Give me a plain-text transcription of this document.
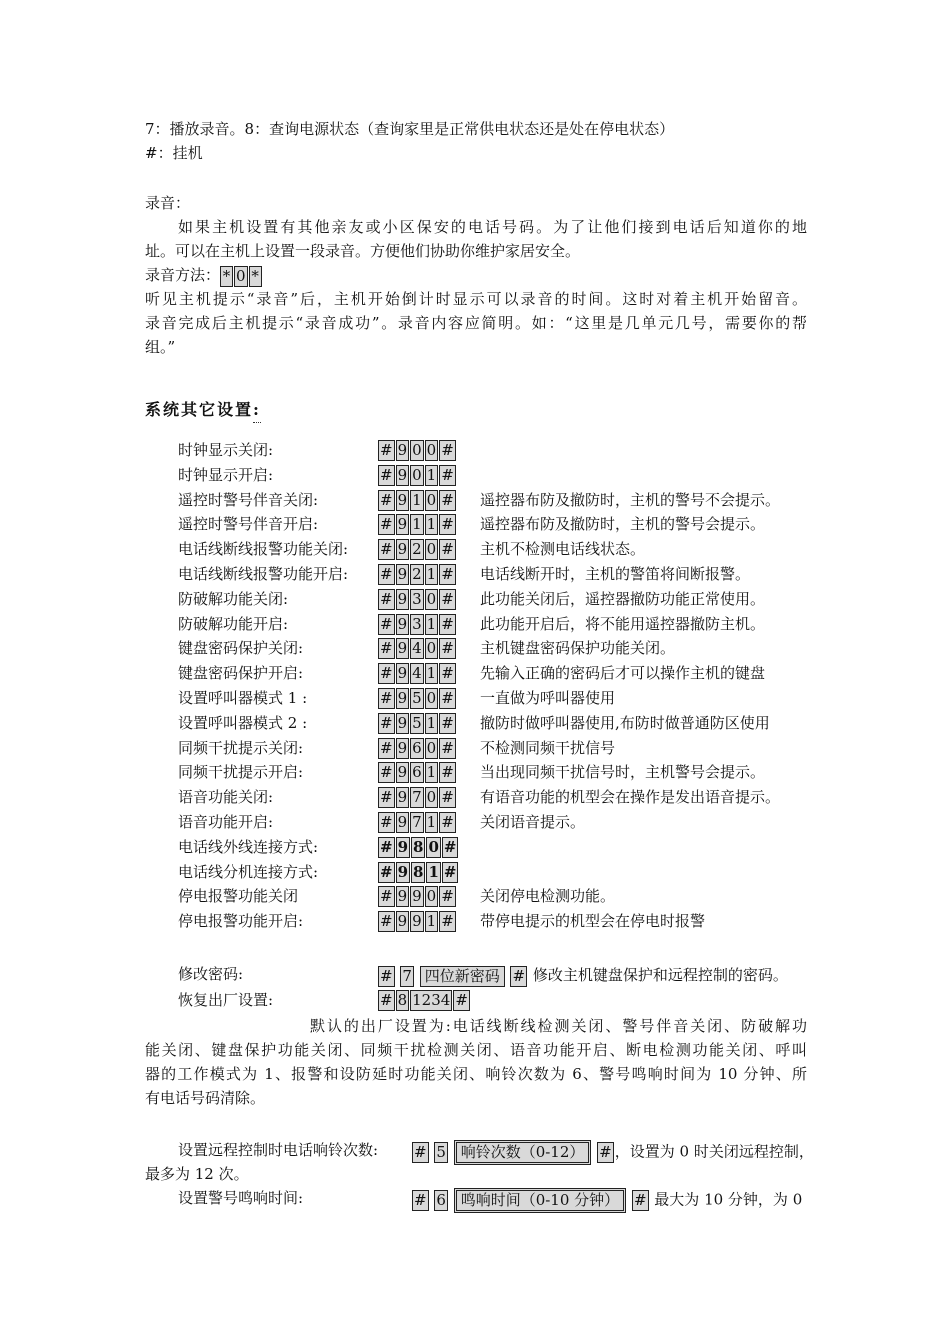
7：播放录音。8：查询电源状态（查询家里是正常供电状态还是处在停电状态）
#：挂机
录音：
如果主机设置有其他亲友或小区保安的电话号码。为了让他们接到电话后知道你的地
址。可以在主机上设置一段录音。方便他们协助你维护家居安全。
录音方法： * 0 *
听见主机提示“录音”后，主机开始倒计时显示可以录音的时间。这时对着主机开始留音。
录音完成后主机提示“录音成功”。录音内容应简明。如：“这里是几单元几号，需要你的帮
组。”
系统其它设置:
时钟显示关闭:	# 9 0 0 #
时钟显示开启:	# 9 0 1 #
遥控时警号伴音关闭:	# 9 1 0 # 遥控器布防及撤防时，主机的警号不会提示。
遥控时警号伴音开启:	# 9 1 1 # 遥控器布防及撤防时，主机的警号会提示。
电话线断线报警功能关闭: # 9 2 0 # 主机不检测电话线状态。
电话线断线报警功能开启: # 9 2 1 # 电话线断开时，主机的警笛将间断报警。
防破解功能关闭:	# 9 3 0 # 此功能关闭后，遥控器撤防功能正常使用。
防破解功能开启:	# 9 3 1 # 此功能开启后，将不能用遥控器撤防主机。
键盘密码保护关闭:	# 9 4 0 # 主机键盘密码保护功能关闭。
键盘密码保护开启:	# 9 4 1 # 先输入正确的密码后才可以操作主机的键盘
设置呼叫器模式 1 :	# 9 5 0 # 一直做为呼叫器使用
设置呼叫器模式 2 :	# 9 5 1 # 撤防时做呼叫器使用,布防时做普通防区使用
同频干扰提示关闭:	# 9 6 0 # 不检测同频干扰信号
同频干扰提示开启:	# 9 6 1 # 当出现同频干扰信号时，主机警号会提示。
语音功能关闭:	# 9 7 0 # 有语音功能的机型会在操作是发出语音提示。
语音功能开启:	# 9 7 1 # 关闭语音提示。
电话线外线连接方式:	# 9 8 0 #
电话线分机连接方式:	# 9 8 1 #
停电报警功能关闭	# 9 9 0 # 关闭停电检测功能。
停电报警功能开启:	# 9 9 1 # 带停电提示的机型会在停电时报警
修改密码:	# 7 四位新密码 # 修改主机键盘保护和远程控制的密码。
恢复出厂设置:	# 8 1234 #
默认的出厂设置为:电话线断线检测关闭、警号伴音关闭、防破解功
能关闭、键盘保护功能关闭、同频干扰检测关闭、语音功能开启、断电检测功能关闭、呼叫
器的工作模式为 1、报警和设防延时功能关闭、响铃次数为 6、警号鸣响时间为 10 分钟、所
有电话号码清除。
设置远程控制时电话响铃次数: # 5 响铃次数（0-12） # ，设置为 0 时关闭远程控制，
最多为 12 次。
设置警号鸣响时间:	# 6 鸣响时间（0-10 分钟） # 最大为 10 分钟，为 0
